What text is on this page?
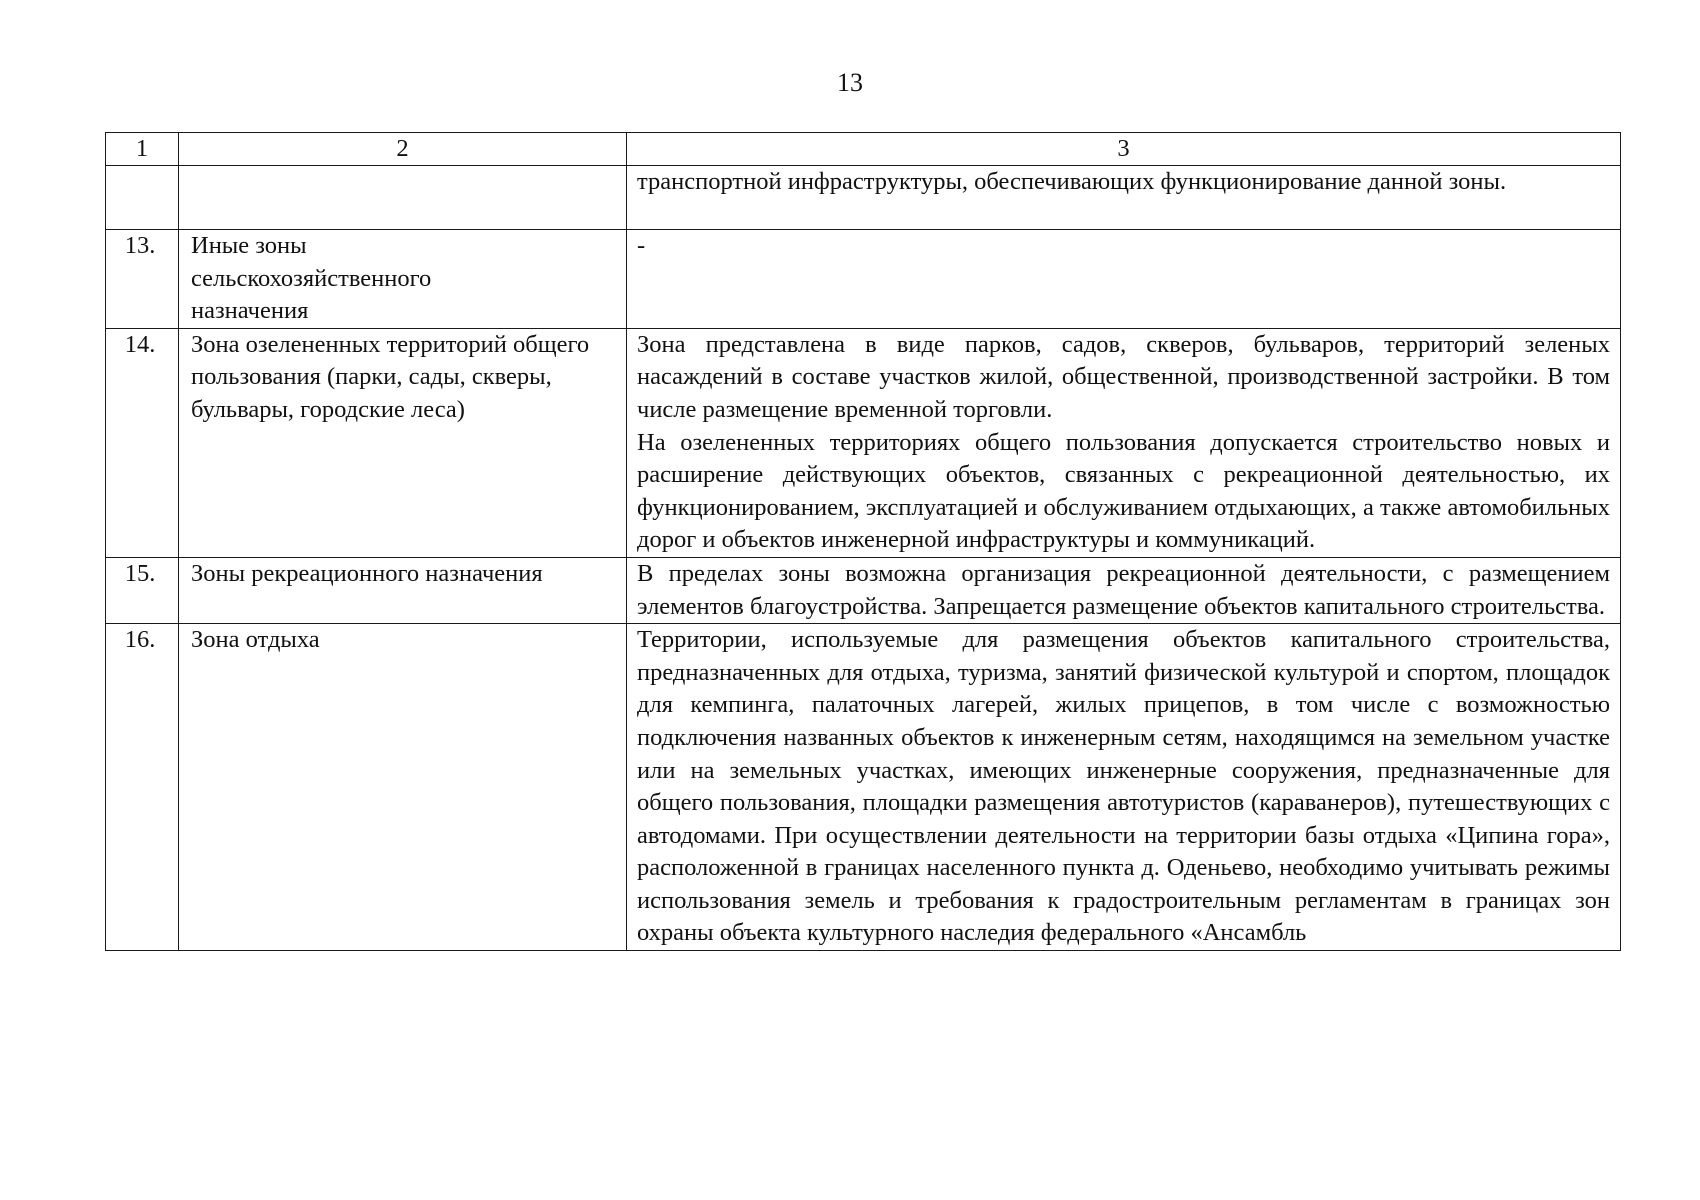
13
1	2	3

		транспортной инфраструктуры, обеспечивающих функционирование данной зоны.

13.	Иные зоны сельскохозяйственного назначения	-

14.	Зона озелененных территорий общего пользования (парки, сады, скверы, бульвары, городские леса)	Зона представлена в виде парков, садов, скверов, бульваров, территорий зеленых насаждений в составе участков жилой, общественной, производственной застройки. В том числе размещение временной торговли.

На озелененных территориях общего пользования допускается строительство новых и расширение действующих объектов, связанных с рекреационной деятельностью, их функционированием, эксплуатацией и обслуживанием отдыхающих, а также автомобильных дорог и объектов инженерной инфраструктуры и коммуникаций.

15.	Зоны рекреационного назначения	В пределах зоны возможна организация рекреационной деятельности, с размещением элементов благоустройства. Запрещается размещение объектов капитального строительства.

16.	Зона отдыха	Территории, используемые для размещения объектов капитального строительства, предназначенных для отдыха, туризма, занятий физической культурой и спортом, площадок для кемпинга, палаточных лагерей, жилых прицепов, в том числе с возможностью подключения названных объектов к инженерным сетям, находящимся на земельном участке или на земельных участках, имеющих инженерные сооружения, предназначенные для общего пользования, площадки размещения автотуристов (караванеров), путешествующих с автодомами. При осуществлении деятельности на территории базы отдыха «Ципина гора», расположенной в границах населенного пункта д. Оденьево, необходимо учитывать режимы использования земель и требования к градостроительным регламентам в границах зон охраны объекта культурного наследия федерального «Ансамбль
